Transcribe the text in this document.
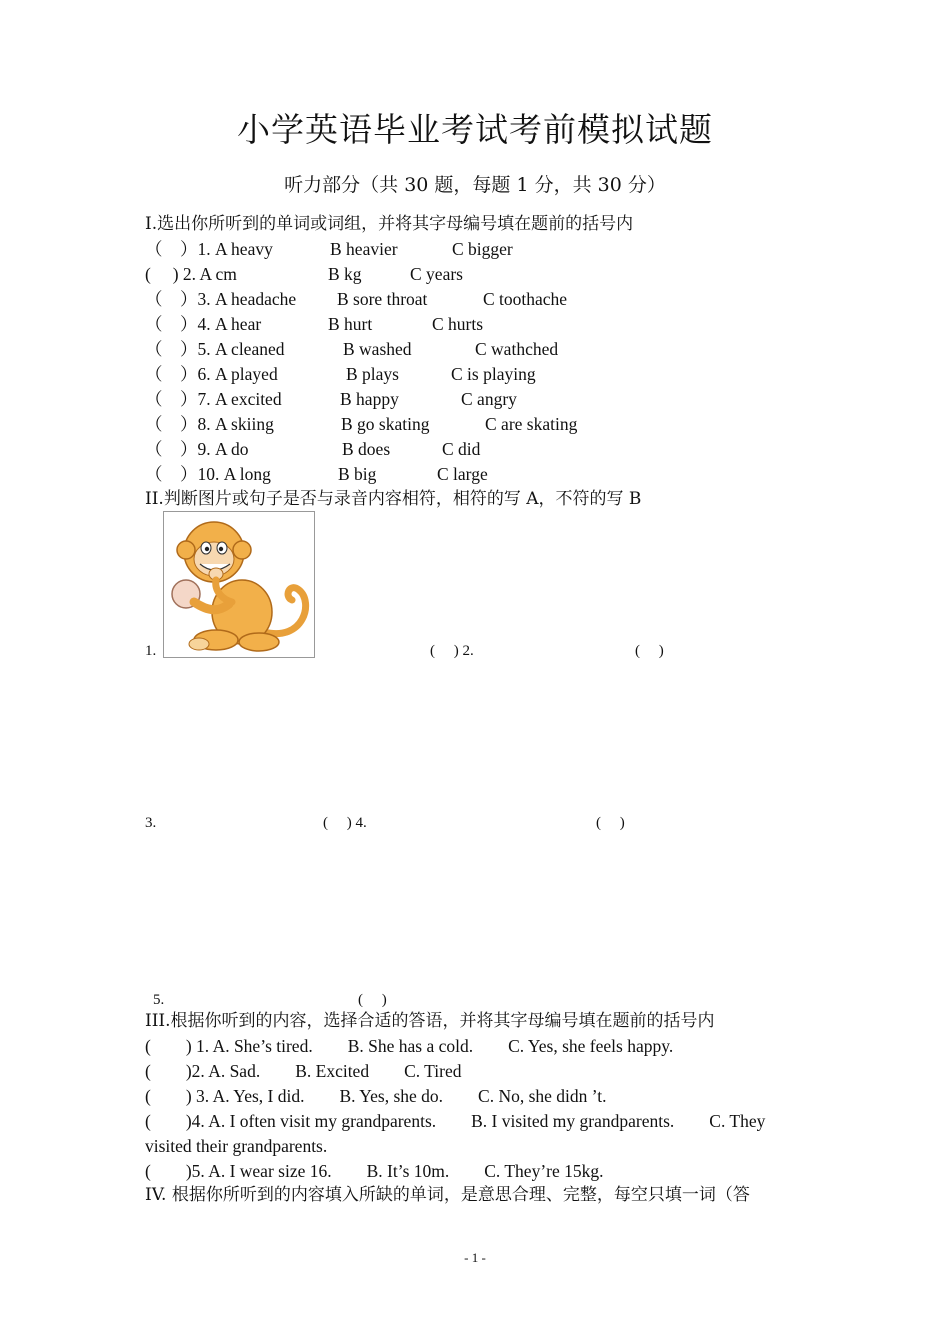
小学英语毕业考试考前模拟试题
听力部分（共 30 题，每题 1 分，共 30 分）
I.选出你所听到的单词或词组，并将其字母编号填在题前的括号内
（　）1. A heavy	B heavier	C bigger
(　 ) 2. A cm	B kg	C years
（　）3. A headache B sore throat	C toothache
（　）4. A hear	B hurt	C hurts
（　）5. A cleaned	B washed	C wathched
（　）6. A played	B plays	C is playing
（　）7. A excited	B happy	C angry
（　）8. A skiing	B go skating	C are skating
（　）9. A do	B does	C did
（　）10. A long	B big	C large
II.判断图片或句子是否与录音内容相符，相符的写 A，不符的写 B
1.	(　 ) 2.	(　 )
3.	(　 ) 4.	(　 )
5.	(　 )
III.根据你听到的内容，选择合适的答语，并将其字母编号填在题前的括号内
(　　) 1. A. She’s tired.　　B. She has a cold.　　C. Yes, she feels happy.
(　　)2. A. Sad.　　B. Excited　　C. Tired
(　　) 3. A. Yes, I did.　　B. Yes, she do.　　C. No, she didn ’t.
(　　)4. A. I often visit my grandparents.　　B. I visited my grandparents.　　C. They
visited their grandparents.
(　　)5. A. I wear size 16.　　B. It’s 10m.　　C. They’re 15kg.
IV. 根据你所听到的内容填入所缺的单词，是意思合理、完整，每空只填一词（答
- 1 -
